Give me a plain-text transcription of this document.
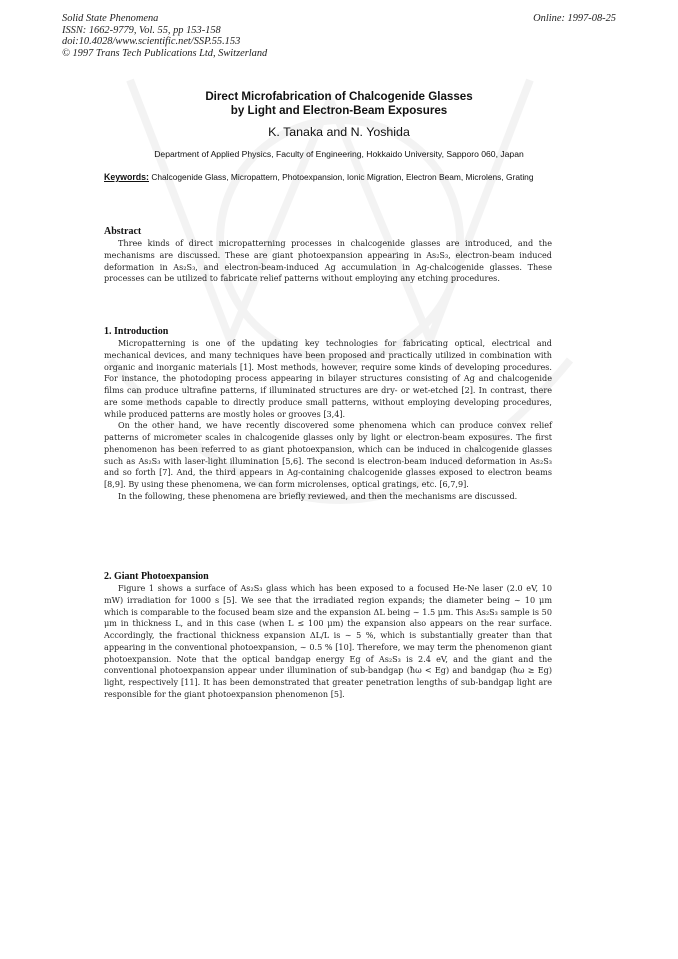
Solid State Phenomena
ISSN: 1662-9779, Vol. 55, pp 153-158
doi:10.4028/www.scientific.net/SSP.55.153
© 1997 Trans Tech Publications Ltd, Switzerland
Online: 1997-08-25
Direct Microfabrication of Chalcogenide Glasses
by Light and Electron-Beam Exposures
K. Tanaka and N. Yoshida
Department of Applied Physics, Faculty of Engineering, Hokkaido University, Sapporo 060, Japan
Keywords: Chalcogenide Glass, Micropattern, Photoexpansion, Ionic Migration, Electron Beam, Microlens, Grating
Abstract

Three kinds of direct micropatterning processes in chalcogenide glasses are introduced, and the mechanisms are discussed. These are giant photoexpansion appearing in As₂S₃, electron-beam induced deformation in As₂S₃, and electron-beam-induced Ag accumulation in Ag-chalcogenide glasses. These processes can be utilized to fabricate relief patterns without employing any etching procedures.

1. Introduction

Micropatterning is one of the updating key technologies for fabricating optical, electrical and mechanical devices, and many techniques have been proposed and practically utilized in combination with organic and inorganic materials [1]. Most methods, however, require some kinds of developing procedures. For instance, the photodoping process appearing in bilayer structures consisting of Ag and chalcogenide films can produce ultrafine patterns, if illuminated structures are dry- or wet-etched [2]. In contrast, there are some methods capable to directly produce small patterns, without employing developing procedures, while produced patterns are mostly holes or grooves [3,4].

On the other hand, we have recently discovered some phenomena which can produce convex relief patterns of micrometer scales in chalcogenide glasses only by light or electron-beam exposures. The first phenomenon has been referred to as giant photoexpansion, which can be induced in chalcogenide glasses such as As₂S₃ with laser-light illumination [5,6]. The second is electron-beam induced deformation in As₂S₃ and so forth [7]. And, the third appears in Ag-containing chalcogenide glasses exposed to electron beams [8,9]. By using these phenomena, we can form microlenses, optical gratings, etc. [6,7,9].

In the following, these phenomena are briefly reviewed, and then the mechanisms are discussed.

2. Giant Photoexpansion

Figure 1 shows a surface of As₂S₃ glass which has been exposed to a focused He-Ne laser (2.0 eV, 10 mW) irradiation for 1000 s [5]. We see that the irradiated region expands; the diameter being ∼ 10 μm which is comparable to the focused beam size and the expansion ΔL being ∼ 1.5 μm. This As₂S₃ sample is 50 μm in thickness L, and in this case (when L ≤ 100 μm) the expansion also appears on the rear surface. Accordingly, the fractional thickness expansion ΔL/L is ∼ 5 %, which is substantially greater than that appearing in the conventional photoexpansion, ∼ 0.5 % [10]. Therefore, we may term the phenomenon giant photoexpansion. Note that the optical bandgap energy Eg of As₂S₃ is 2.4 eV, and the giant and the conventional photoexpansion appear under illumination of sub-bandgap (ħω < Eg) and bandgap (ħω ≥ Eg) light, respectively [11]. It has been demonstrated that greater penetration lengths of sub-bandgap light are responsible for the giant photoexpansion phenomenon [5].
